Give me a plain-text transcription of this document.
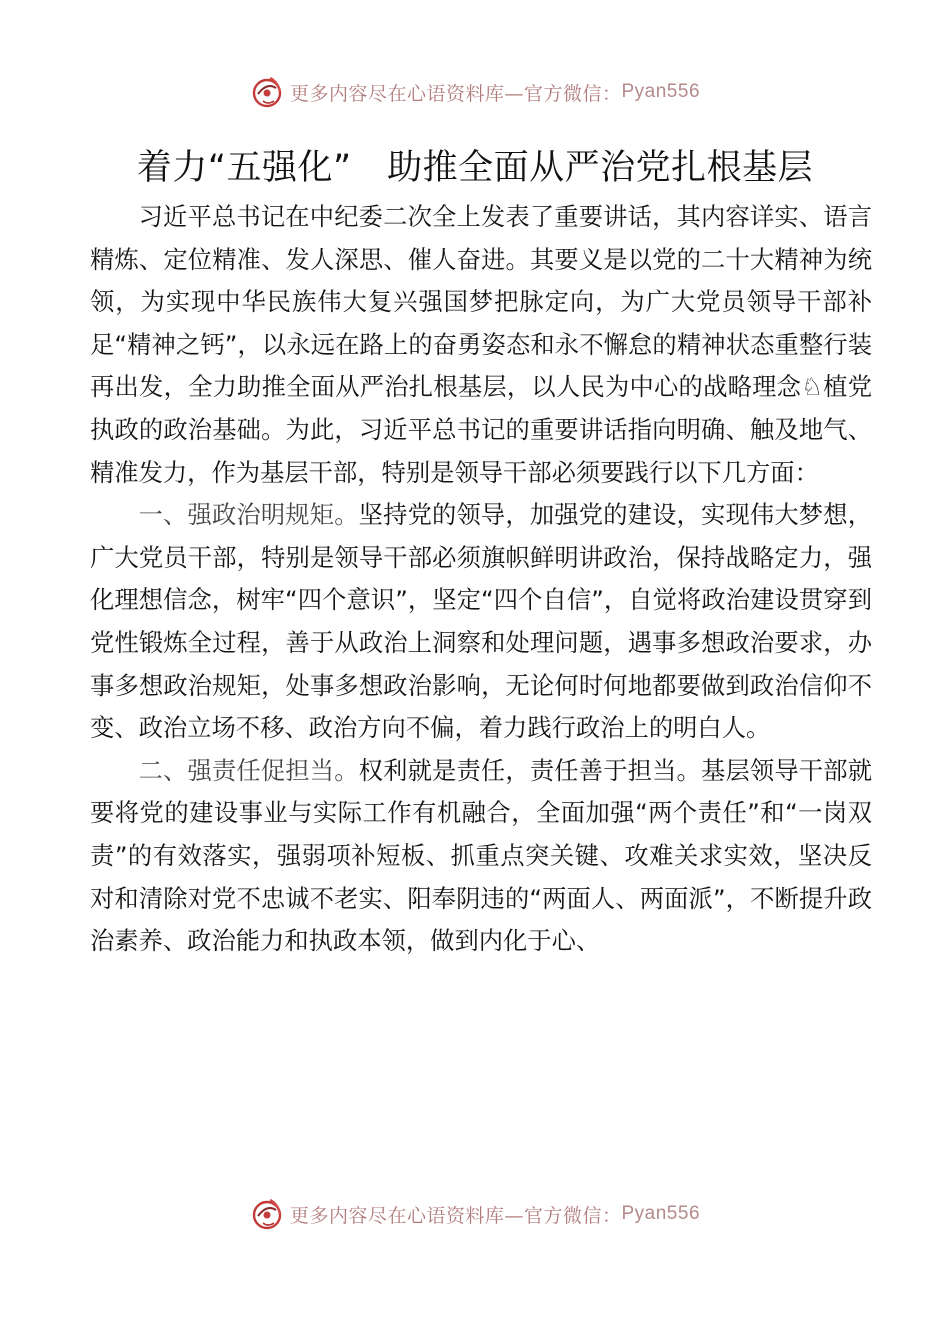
更多内容尽在心语资料库—官方微信： Pyan556
着力“五强化”　助推全面从严治党扎根基层

习近平总书记在中纪委二次全上发表了重要讲话，其内容详实、语言精炼、定位精准、发人深思、催人奋进。其要义是以党的二十大精神为统领，为实现中华民族伟大复兴强国梦把脉定向，为广大党员领导干部补足“精神之钙”，以永远在路上的奋勇姿态和永不懈怠的精神状态重整行装再出发，全力助推全面从严治扎根基层，以人民为中心的战略理念♘植党执政的政治基础。为此，习近平总书记的重要讲话指向明确、触及地气、精准发力，作为基层干部，特别是领导干部必须要践行以下几方面：

一、强政治明规矩。坚持党的领导，加强党的建设，实现伟大梦想，广大党员干部，特别是领导干部必须旗帜鲜明讲政治，保持战略定力，强化理想信念，树牢“四个意识”，坚定“四个自信”，自觉将政治建设贯穿到党性锻炼全过程，善于从政治上洞察和处理问题，遇事多想政治要求，办事多想政治规矩，处事多想政治影响，无论何时何地都要做到政治信仰不变、政治立场不移、政治方向不偏，着力践行政治上的明白人。

二、强责任促担当。权利就是责任，责任善于担当。基层领导干部就要将党的建设事业与实际工作有机融合，全面加强“两个责任”和“一岗双责”的有效落实，强弱项补短板、抓重点突关键、攻难关求实效，坚决反对和清除对党不忠诚不老实、阳奉阴违的“两面人、两面派”，不断提升政治素养、政治能力和执政本领，做到内化于心、

更多内容尽在心语资料库—官方微信： Pyan556
